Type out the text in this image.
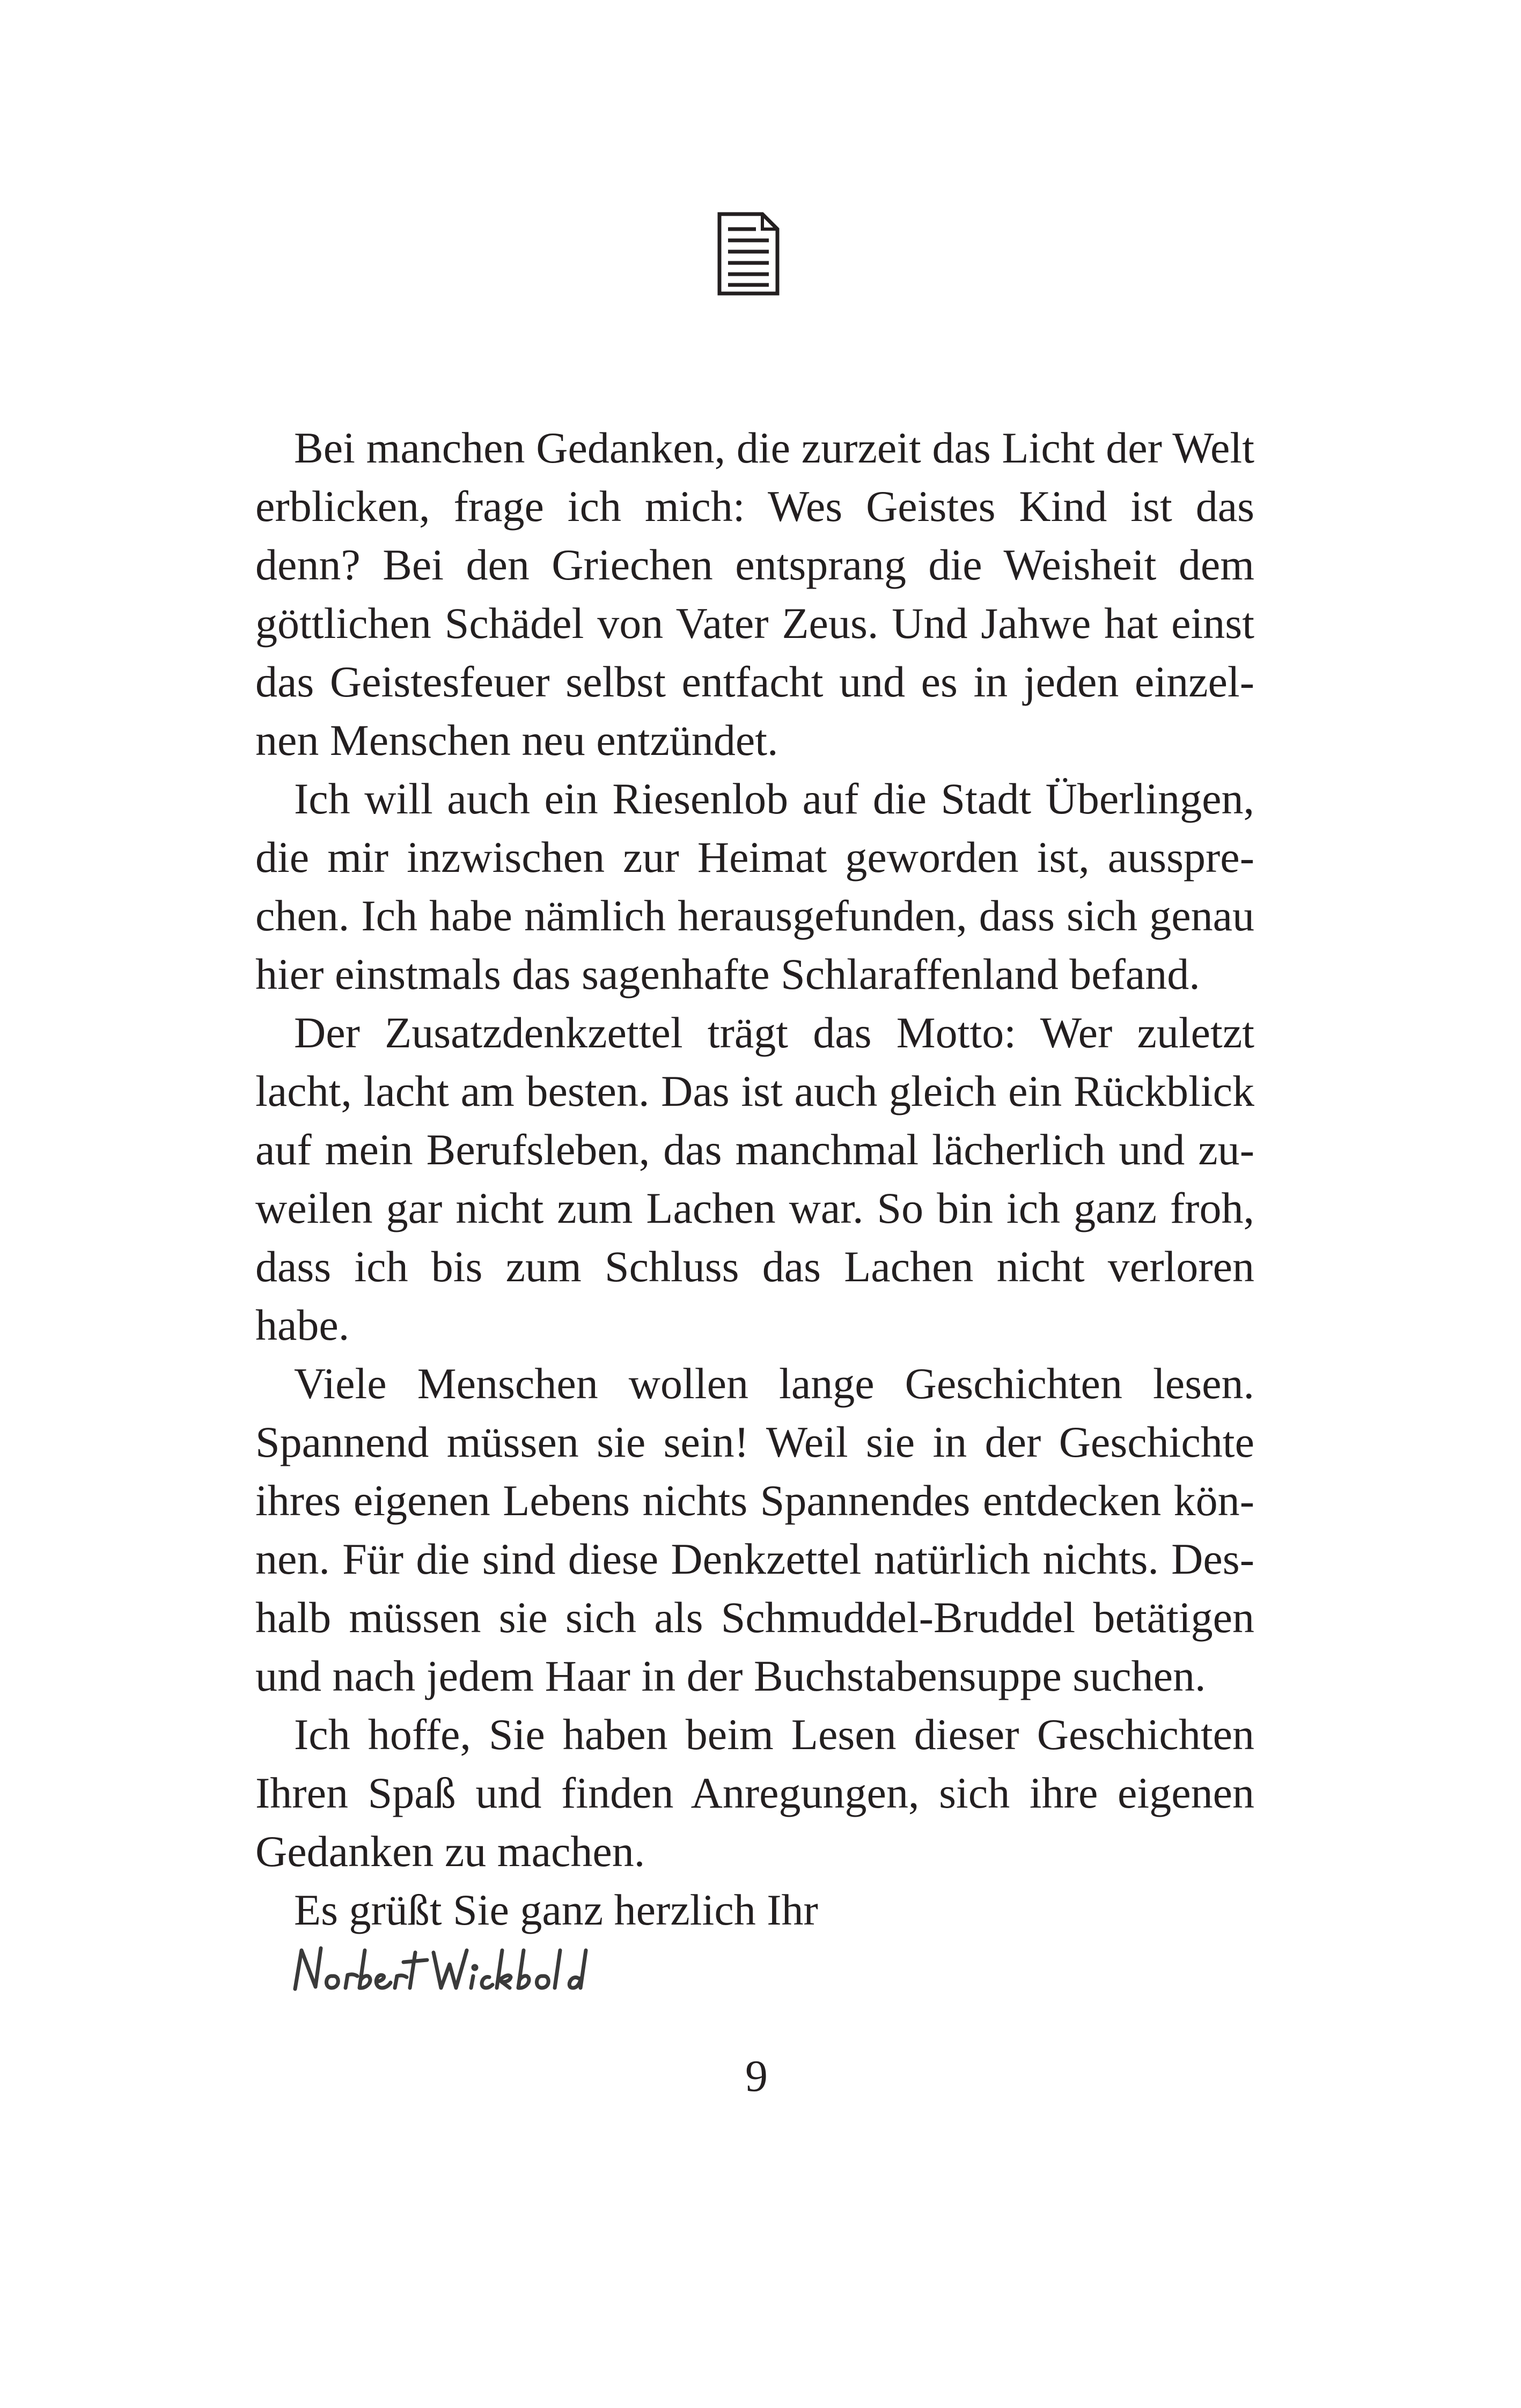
Bei manchen Gedanken, die zurzeit das Licht der Welt erblicken, frage ich mich: Wes Geistes Kind ist das denn? Bei den Griechen entsprang die Weisheit dem göttlichen Schädel von Vater Zeus. Und Jahwe hat einst das Geistesfeuer selbst entfacht und es in jeden einzelnen Menschen neu entzündet.

Ich will auch ein Riesenlob auf die Stadt Überlingen, die mir inzwischen zur Heimat geworden ist, aussprechen. Ich habe nämlich herausgefunden, dass sich genau hier einstmals das sagenhafte Schlaraffenland befand.

Der Zusatzdenkzettel trägt das Motto: Wer zuletzt lacht, lacht am besten. Das ist auch gleich ein Rückblick auf mein Berufsleben, das manchmal lächerlich und zuweilen gar nicht zum Lachen war. So bin ich ganz froh, dass ich bis zum Schluss das Lachen nicht verloren habe.

Viele Menschen wollen lange Geschichten lesen. Spannend müssen sie sein! Weil sie in der Geschichte ihres eigenen Lebens nichts Spannendes entdecken können. Für die sind diese Denkzettel natürlich nichts. Deshalb müssen sie sich als Schmuddel-Bruddel betätigen und nach jedem Haar in der Buchstabensuppe suchen.

Ich hoffe, Sie haben beim Lesen dieser Geschichten Ihren Spaß und finden Anregungen, sich ihre eigenen Gedanken zu machen.

Es grüßt Sie ganz herzlich Ihr

9
